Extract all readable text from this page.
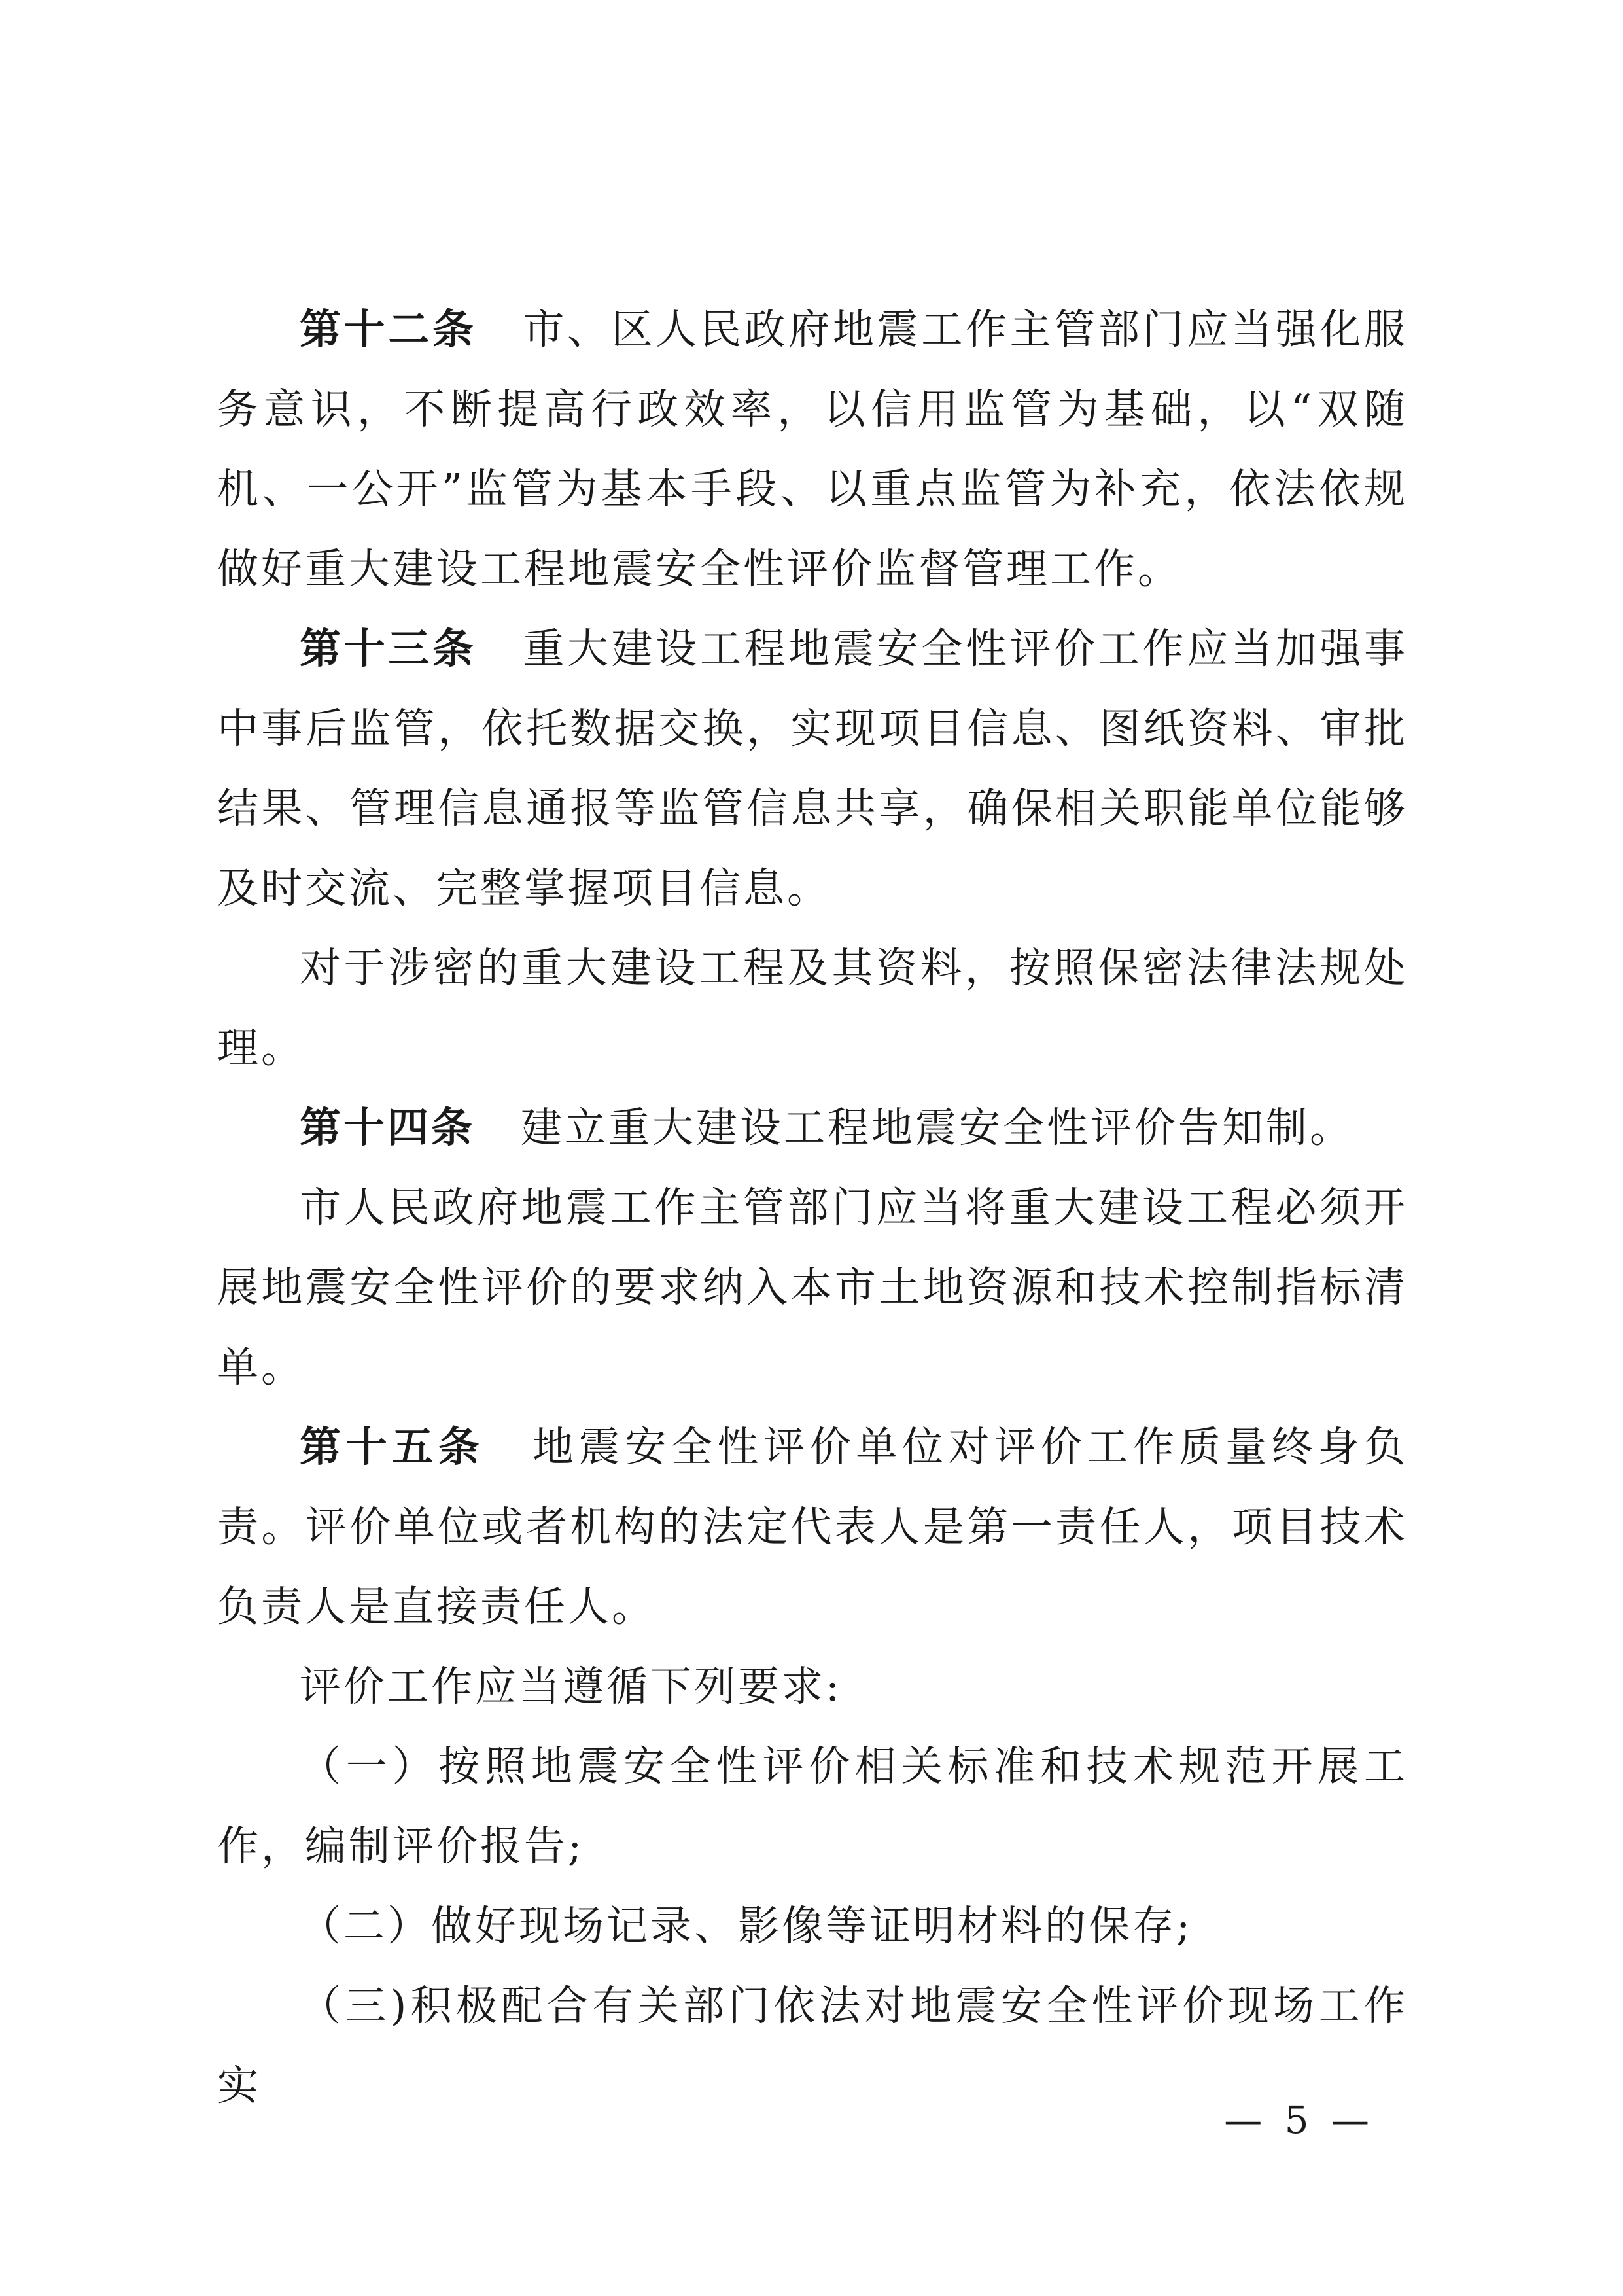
第十二条 市、区人民政府地震工作主管部门应当强化服务意识，不断提高行政效率，以信用监管为基础，以“双随机、一公开”监管为基本手段、以重点监管为补充，依法依规做好重大建设工程地震安全性评价监督管理工作。

第十三条 重大建设工程地震安全性评价工作应当加强事中事后监管，依托数据交换，实现项目信息、图纸资料、审批结果、管理信息通报等监管信息共享，确保相关职能单位能够及时交流、完整掌握项目信息。

对于涉密的重大建设工程及其资料，按照保密法律法规处理。

第十四条 建立重大建设工程地震安全性评价告知制。

市人民政府地震工作主管部门应当将重大建设工程必须开展地震安全性评价的要求纳入本市土地资源和技术控制指标清单。

第十五条 地震安全性评价单位对评价工作质量终身负责。评价单位或者机构的法定代表人是第一责任人，项目技术负责人是直接责任人。

评价工作应当遵循下列要求:

（一）按照地震安全性评价相关标准和技术规范开展工作，编制评价报告;

（二）做好现场记录、影像等证明材料的保存;

（三)积极配合有关部门依法对地震安全性评价现场工作实

— 5 —
